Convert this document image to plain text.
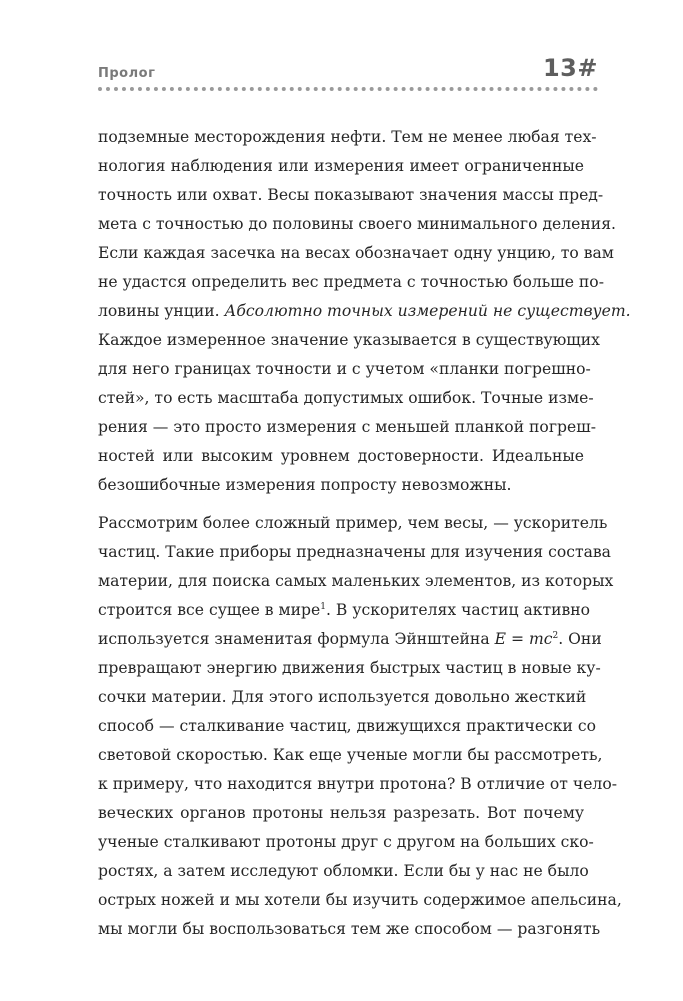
Пролог	13#
подземные месторождения нефти. Тем не менее любая тех-
нология наблюдения или измерения имеет ограниченные
точность или охват. Весы показывают значения массы пред-
мета с точностью до половины своего минимального деления.
Если каждая засечка на весах обозначает одну унцию, то вам
не удастся определить вес предмета с точностью больше по-
ловины унции. Абсолютно точных измерений не существует.
Каждое измеренное значение указывается в существующих
для него границах точности и с учетом «планки погрешно-
стей», то есть масштаба допустимых ошибок. Точные изме-
рения — это просто измерения с меньшей планкой погреш-
ностей или высоким уровнем достоверности. Идеальные
безошибочные измерения попросту невозможны.
Рассмотрим более сложный пример, чем весы, — ускоритель
частиц. Такие приборы предназначены для изучения состава
материи, для поиска самых маленьких элементов, из которых
строится все сущее в мире$^1$. В ускорителях частиц активно
используется знаменитая формула Эйнштейна $E = mc^2$. Они
превращают энергию движения быстрых частиц в новые ку-
сочки материи. Для этого используется довольно жесткий
способ — сталкивание частиц, движущихся практически со
световой скоростью. Как еще ученые могли бы рассмотреть,
к примеру, что находится внутри протона? В отличие от чело-
веческих органов протоны нельзя разрезать. Вот почему
ученые сталкивают протоны друг с другом на больших ско-
ростях, а затем исследуют обломки. Если бы у нас не было
острых ножей и мы хотели бы изучить содержимое апельсина,
мы могли бы воспользоваться тем же способом — разгонять
